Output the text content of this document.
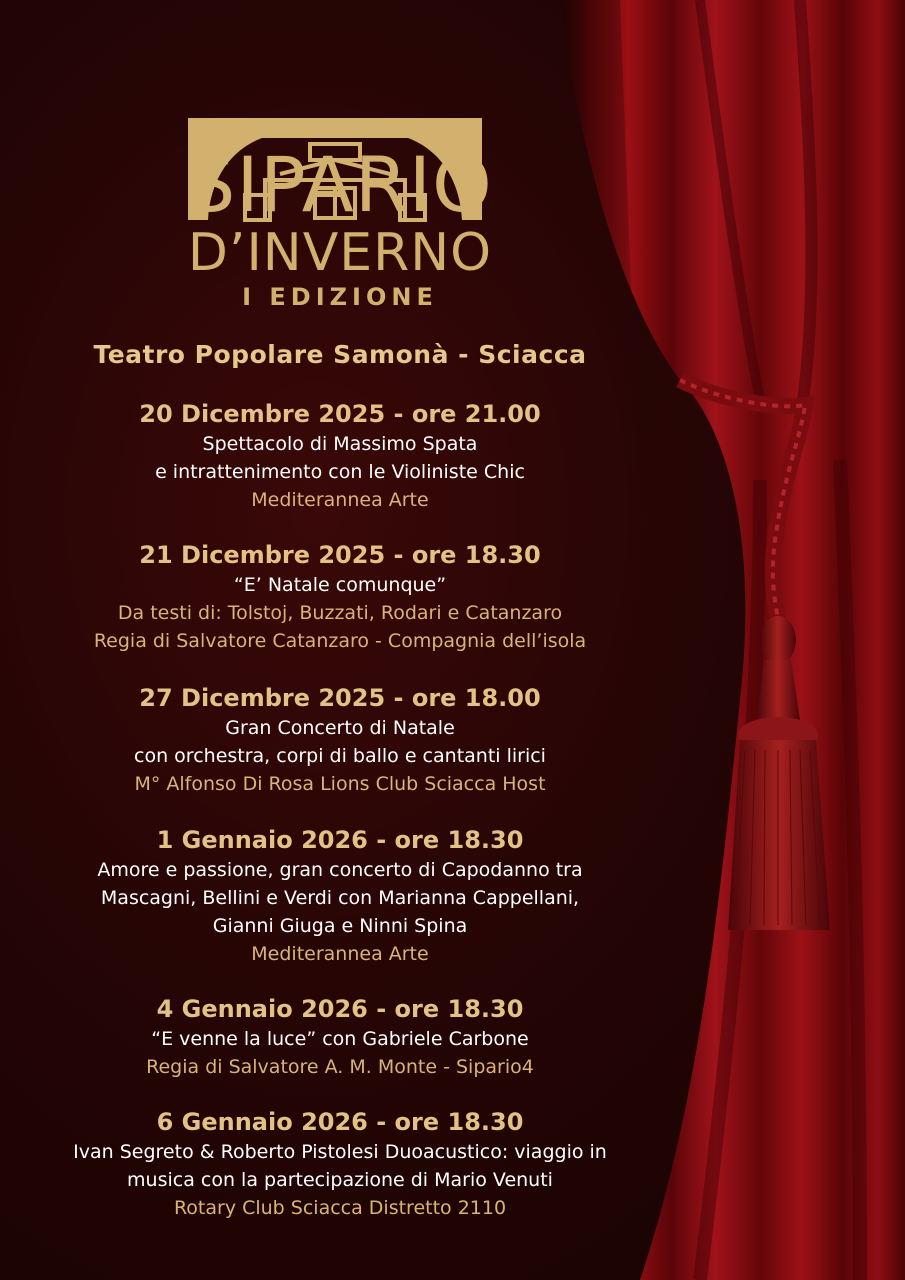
SIPARIO
D’INVERNO
I EDIZIONE
Teatro Popolare Samonà - Sciacca
20 Dicembre 2025 - ore 21.00
Spettacolo di Massimo Spata
e intrattenimento con le Violiniste Chic
Mediterannea Arte
21 Dicembre 2025 - ore 18.30
“E’ Natale comunque”
Da testi di: Tolstoj, Buzzati, Rodari e Catanzaro
Regia di Salvatore Catanzaro - Compagnia dell’isola
27 Dicembre 2025 - ore 18.00
Gran Concerto di Natale
con orchestra, corpi di ballo e cantanti lirici
M° Alfonso Di Rosa Lions Club Sciacca Host
1 Gennaio 2026 - ore 18.30
Amore e passione, gran concerto di Capodanno tra
Mascagni, Bellini e Verdi con Marianna Cappellani,
Gianni Giuga e Ninni Spina
Mediterannea Arte
4 Gennaio 2026 - ore 18.30
“E venne la luce” con Gabriele Carbone
Regia di Salvatore A. M. Monte - Sipario4
6 Gennaio 2026 - ore 18.30
Ivan Segreto & Roberto Pistolesi Duoacustico: viaggio in
musica con la partecipazione di Mario Venuti
Rotary Club Sciacca Distretto 2110
